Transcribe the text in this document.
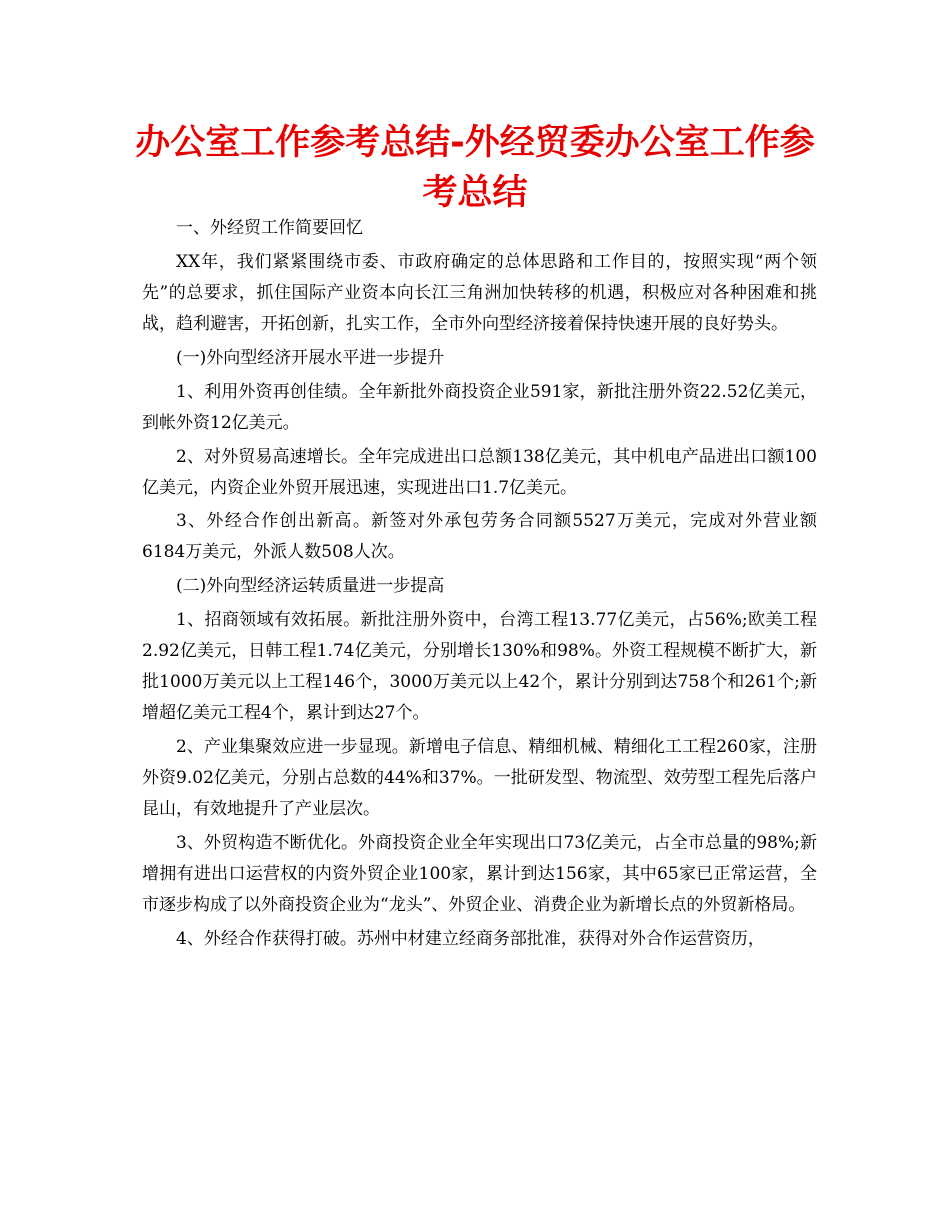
办公室工作参考总结-外经贸委办公室工作参考总结

一、外经贸工作简要回忆

XX年，我们紧紧围绕市委、市政府确定的总体思路和工作目的，按照实现“两个领先”的总要求，抓住国际产业资本向长江三角洲加快转移的机遇，积极应对各种困难和挑战，趋利避害，开拓创新，扎实工作，全市外向型经济接着保持快速开展的良好势头。

(一)外向型经济开展水平进一步提升

1、利用外资再创佳绩。全年新批外商投资企业591家，新批注册外资22.52亿美元，到帐外资12亿美元。

2、对外贸易高速增长。全年完成进出口总额138亿美元，其中机电产品进出口额100亿美元，内资企业外贸开展迅速，实现进出口1.7亿美元。

3、外经合作创出新高。新签对外承包劳务合同额5527万美元，完成对外营业额6184万美元，外派人数508人次。

(二)外向型经济运转质量进一步提高

1、招商领域有效拓展。新批注册外资中，台湾工程13.77亿美元，占56%;欧美工程2.92亿美元，日韩工程1.74亿美元，分别增长130%和98%。外资工程规模不断扩大，新批1000万美元以上工程146个，3000万美元以上42个，累计分别到达758个和261个;新增超亿美元工程4个，累计到达27个。

2、产业集聚效应进一步显现。新增电子信息、精细机械、精细化工工程260家，注册外资9.02亿美元，分别占总数的44%和37%。一批研发型、物流型、效劳型工程先后落户昆山，有效地提升了产业层次。

3、外贸构造不断优化。外商投资企业全年实现出口73亿美元，占全市总量的98%;新增拥有进出口运营权的内资外贸企业100家，累计到达156家，其中65家已正常运营，全市逐步构成了以外商投资企业为“龙头”、外贸企业、消费企业为新增长点的外贸新格局。

4、外经合作获得打破。苏州中材建立经商务部批准，获得对外合作运营资历，
